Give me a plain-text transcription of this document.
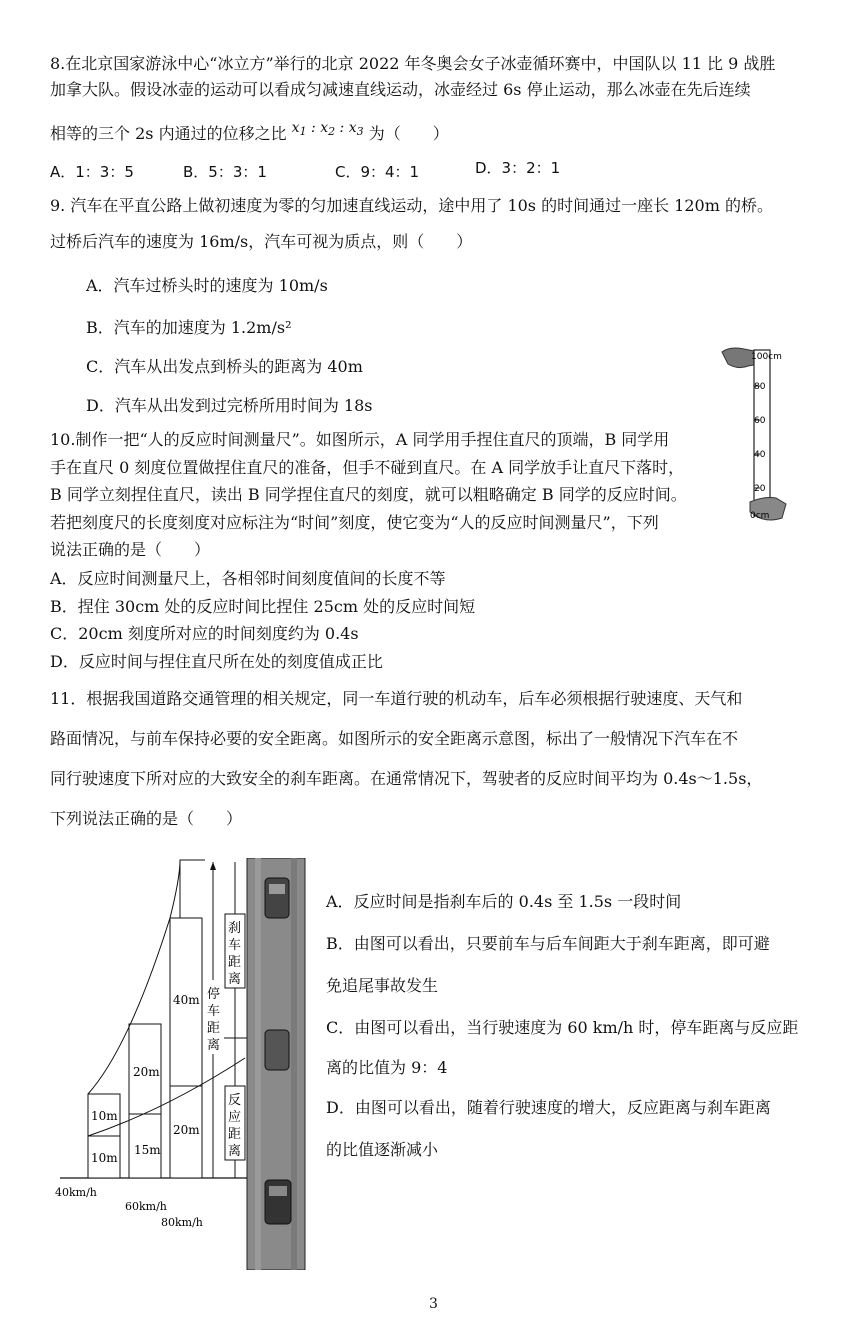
8.在北京国家游泳中心“冰立方”举行的北京 2022 年冬奥会女子冰壶循环赛中，中国队以 11 比 9 战胜
加拿大队。假设冰壶的运动可以看成匀减速直线运动，冰壶经过 6s 停止运动，那么冰壶在先后连续
相等的三个 2s 内通过的位移之比 $x_1$ : $x_2$ : $x_3$ 为（　　）
A．1：3：5	B．5：3：1	C．9：4：1	D．3：2：1
9. 汽车在平直公路上做初速度为零的匀加速直线运动，途中用了 10s 的时间通过一座长 120m 的桥。
过桥后汽车的速度为 16m/s，汽车可视为质点，则（　　）
A．汽车过桥头时的速度为 10m/s
B．汽车的加速度为 1.2m/s²
C．汽车从出发点到桥头的距离为 40m
D．汽车从出发到过完桥所用时间为 18s
100cm
80
60
40
20
0cm
10.制作一把“人的反应时间测量尺”。如图所示，A 同学用手捏住直尺的顶端，B 同学用
手在直尺 0 刻度位置做捏住直尺的准备，但手不碰到直尺。在 A 同学放手让直尺下落时，
B 同学立刻捏住直尺，读出 B 同学捏住直尺的刻度，就可以粗略确定 B 同学的反应时间。
若把刻度尺的长度刻度对应标注为“时间”刻度，使它变为“人的反应时间测量尺”，下列
说法正确的是（　　）
A．反应时间测量尺上，各相邻时间刻度值间的长度不等
B．捏住 30cm 处的反应时间比捏住 25cm 处的反应时间短
C．20cm 刻度所对应的时间刻度约为 0.4s
D．反应时间与捏住直尺所在处的刻度值成正比
11．根据我国道路交通管理的相关规定，同一车道行驶的机动车，后车必须根据行驶速度、天气和
路面情况，与前车保持必要的安全距离。如图所示的安全距离示意图，标出了一般情况下汽车在不
同行驶速度下所对应的大致安全的刹车距离。在通常情况下，驾驶者的反应时间平均为 0.4s～1.5s，
下列说法正确的是（　　）
A．反应时间是指刹车后的 0.4s 至 1.5s 一段时间
B．由图可以看出，只要前车与后车间距大于刹车距离，即可避
免追尾事故发生
C．由图可以看出，当行驶速度为 60 km/h 时，停车距离与反应距
离的比值为 9：4
D．由图可以看出，随着行驶速度的增大，反应距离与刹车距离
的比值逐渐减小
10m
10m
20m
15m
40m
20m
刹 车 距 离
停 车 距 离
反 应 距 离
40km/h
60km/h
80km/h
3
